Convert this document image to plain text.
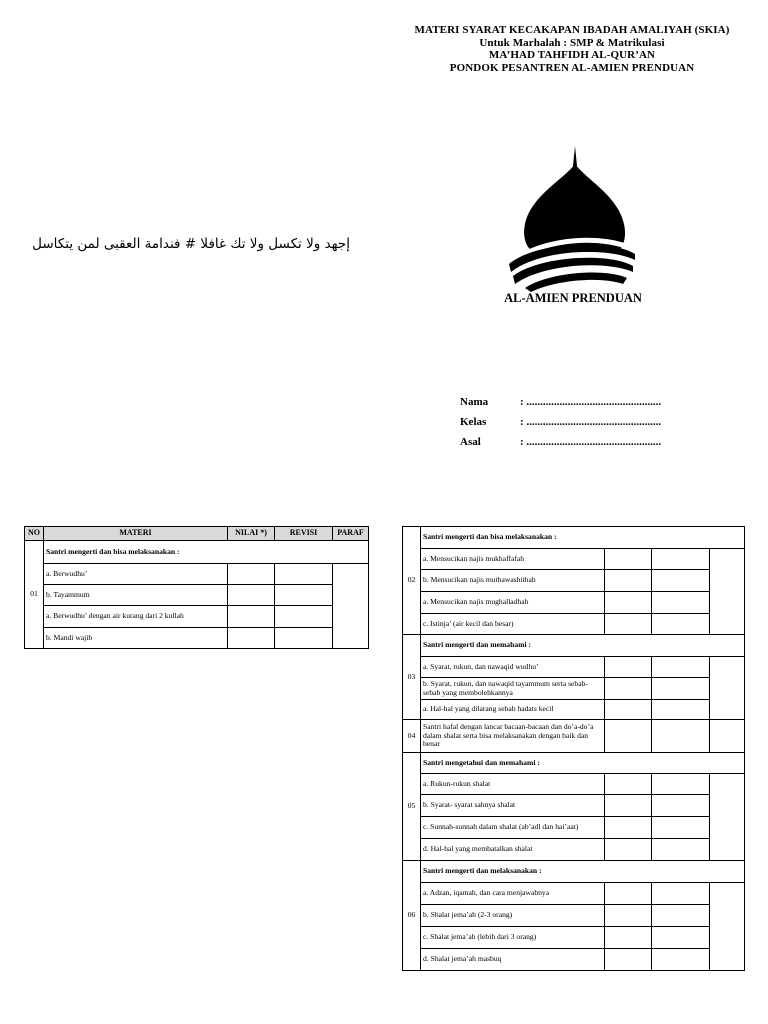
MATERI SYARAT KECAKAPAN IBADAH AMALIYAH (SKIA)
Untuk Marhalah : SMP & Matrikulasi
MA’HAD TAHFIDH AL-QUR’AN
PONDOK PESANTREN AL-AMIEN PRENDUAN
إجهد ولا تكسل ولا تك غافلا # فندامة العقبى لمن يتكاسل
AL-AMIEN PRENDUAN
Nama	: .................................................
Kelas	: .................................................
Asal	: .................................................
NO	MATERI	NILAI *)	REVISI	PARAF
01	Santri mengerti dan bisa melaksanakan :			
	a. Berwudhu’			
	b. Tayammum			
	a. Berwudhu’ dengan air kurang dari 2 kullah			
	b. Mandi wajib			
02	Santri mengerti dan bisa melaksanakan :			
	a. Mensucikan najis mukhaffafah			
	b. Mensucikan najis muthawashithah			
	a. Mensucikan najis mughalladhah			
	c. Istinja’ (air kecil dan besar)			
03	Santri mengerti dan memahami :			
	a. Syarat, rukun, dan nawaqid wudhu’			
	b. Syarat, rukun, dan nawaqid tayammum serta sebab-sebab yang membolehkannya			
	a. Hal-hal yang dilarang sebab hadats kecil			
04	Santri hafal dengan lancar bacaan-bacaan dan do’a-do’a dalam shalat serta bisa melaksanakan dengan baik dan benar			
05	Santri mengetahui dan memahami :			
	a. Rukun-rukun shalat			
	b. Syarat- syarat sahnya shalat			
	c. Sunnah-sunnah dalam shalat (ab’adl dan hai’aat)			
	d. Hal-hal yang membatalkan shalat			
06	Santri mengerti dan melaksanakan :			
	a. Adzan, iqamah, dan cara menjawabnya			
	b. Shalat jema’ah (2-3 orang)			
	c. Shalat jema’ah (lebih dari 3 orang)			
	d. Shalat jema’ah masbuq			
